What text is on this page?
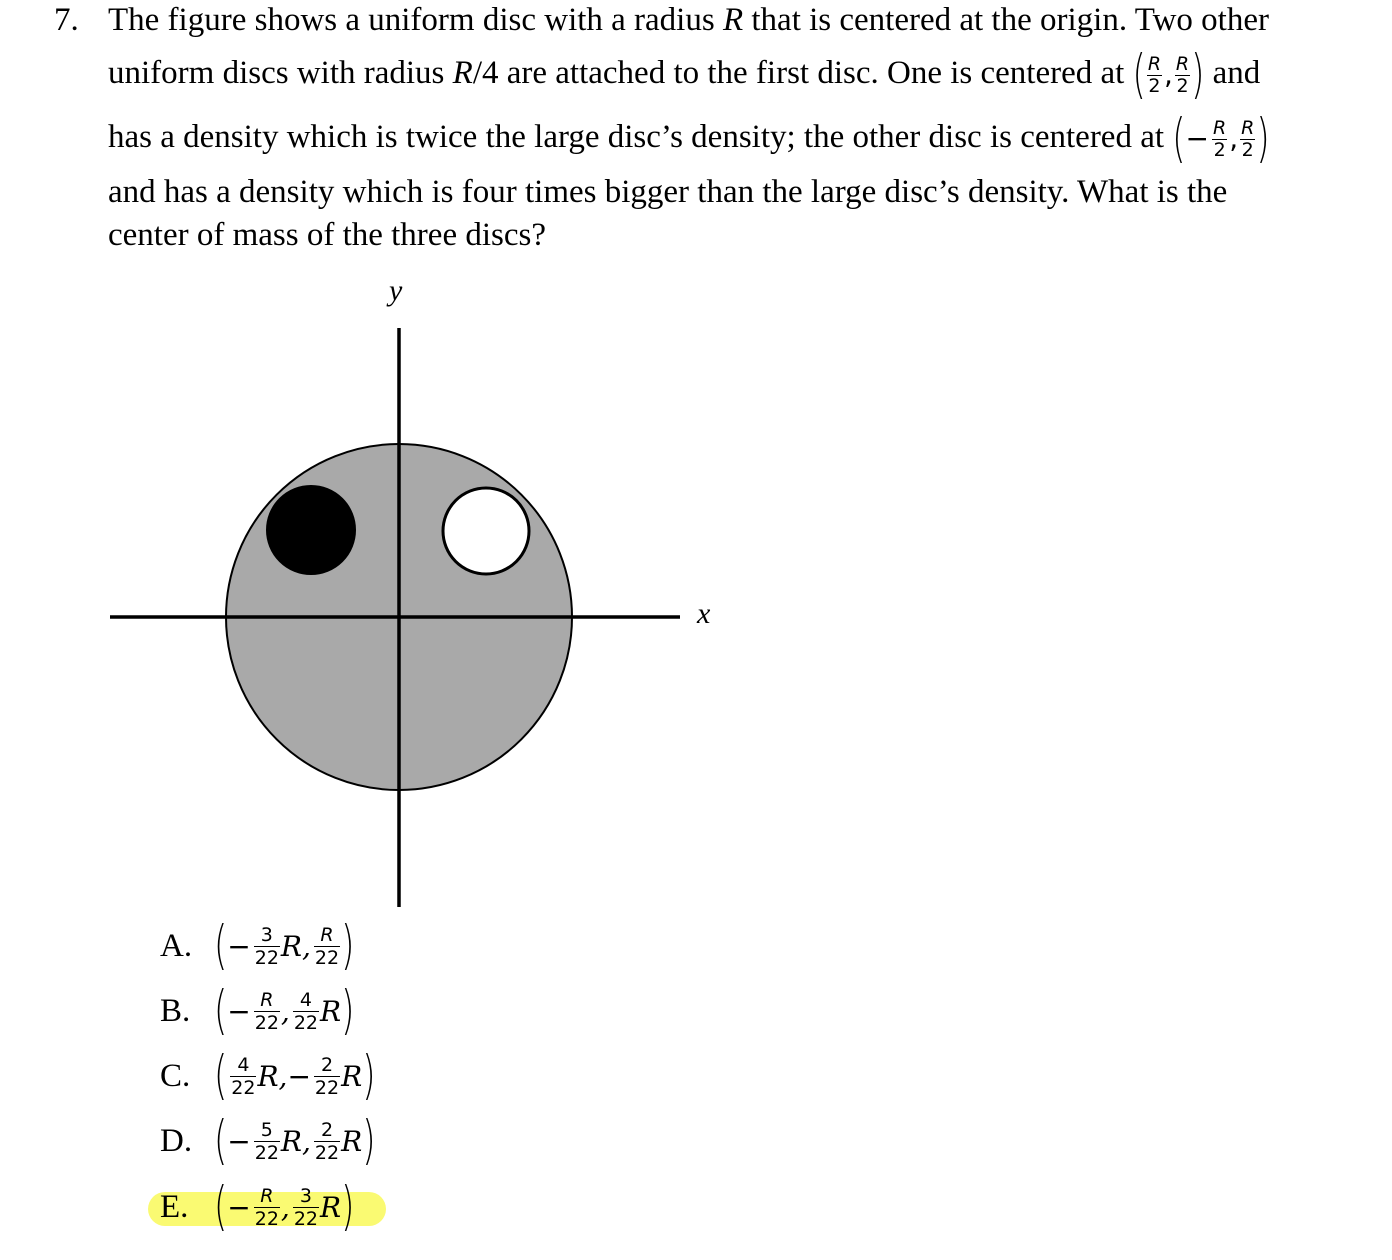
7. The figure shows a uniform disc with a radius R that is centered at the origin. Two other
uniform discs with radius R/4 are attached to the first disc. One is centered at ( $\frac{R}{2}$ , $\frac{R}{2}$ ) and
has a density which is twice the large disc’s density; the other disc is centered at (− $\frac{R}{2}$ , $\frac{R}{2}$ )
and has a density which is four times bigger than the large disc’s density. What is the
center of mass of the three discs?
x
y
A. ( − $\frac{3}{22} R$, $\frac{R}{22}$ )
B. ( − $\frac{R}{22}$ , $\frac{4}{22}$ R )
C. ( $\frac{4}{22} R$, − $\frac{2}{22}$ R )
D. ( − $\frac{5}{22} R$, $\frac{2}{22}$ R )
E. ( − $\frac{R}{22}$ , $\frac{3}{22}$ R )
